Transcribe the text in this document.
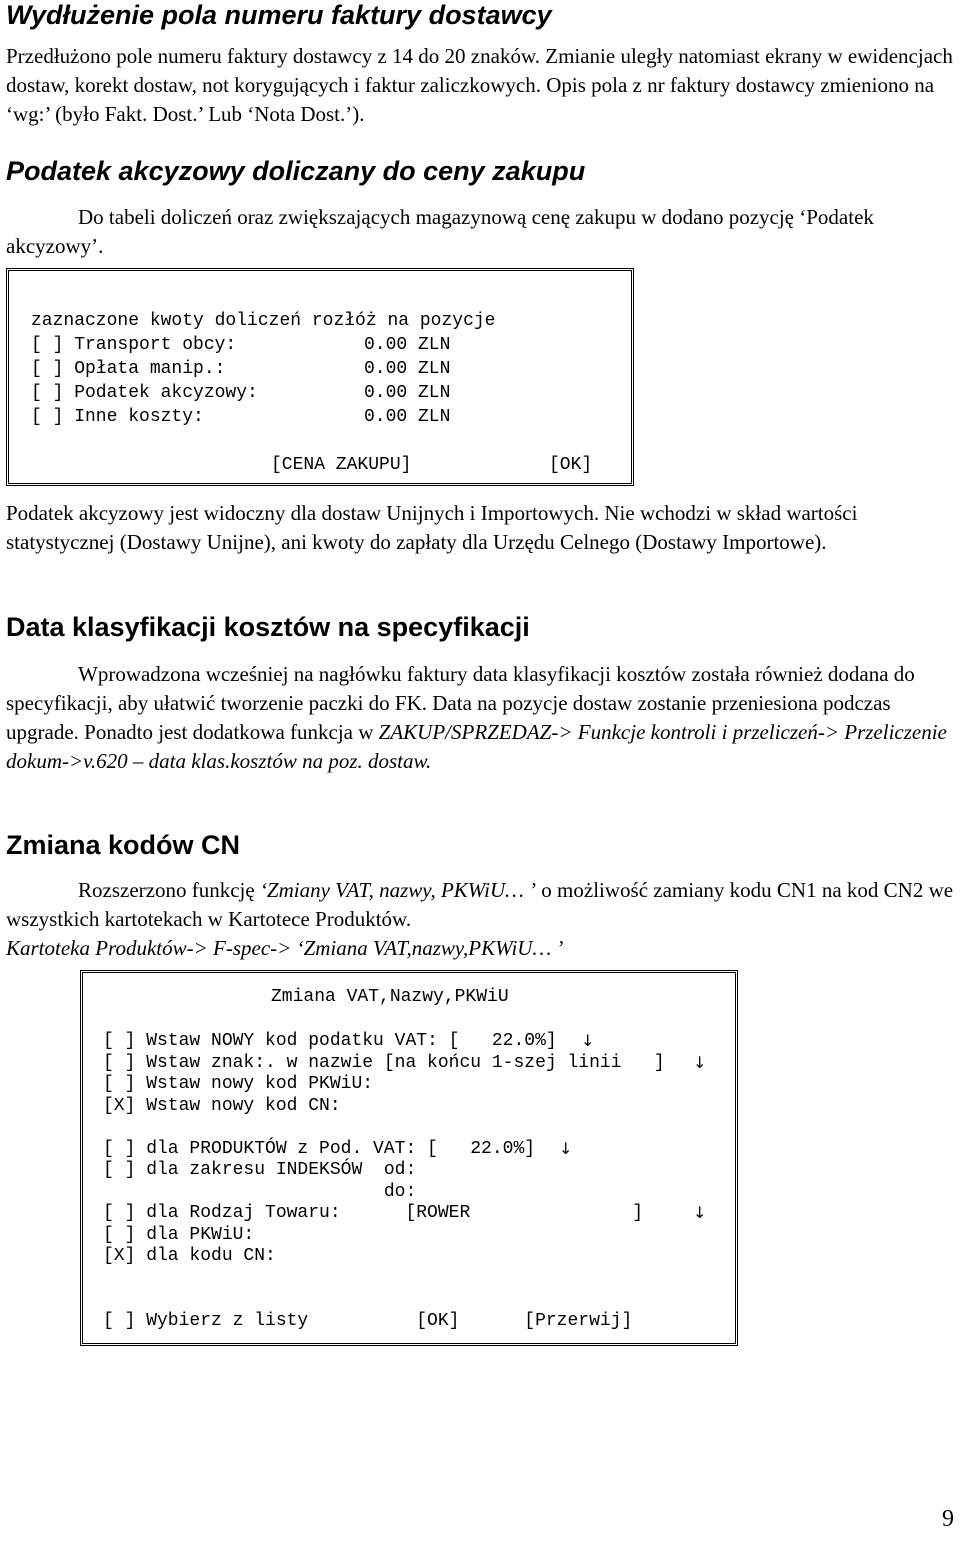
Wydłużenie pola numeru faktury dostawcy

Przedłużono pole numeru faktury dostawcy z 14 do 20 znaków. Zmianie uległy natomiast ekrany w ewidencjach dostaw, korekt dostaw, not korygujących i faktur zaliczkowych. Opis pola z nr faktury dostawcy zmieniono na ‘wg:’ (było Fakt. Dost.’ Lub ‘Nota Dost.’).

Podatek akcyzowy doliczany do ceny zakupu

Do tabeli doliczeń oraz zwiększających magazynową cenę zakupu w dodano pozycję ‘Podatek akcyzowy’.

zaznaczone kwoty doliczeń rozłóż na pozycje
[ ] Transport obcy:	0.00 ZLN
[ ] Opłata manip.:	0.00 ZLN
[ ] Podatek akcyzowy:	0.00 ZLN
[ ] Inne koszty:	0.00 ZLN
[CENA ZAKUPU]	[OK]

Podatek akcyzowy jest widoczny dla dostaw Unijnych i Importowych. Nie wchodzi w skład wartości statystycznej (Dostawy Unijne), ani kwoty do zapłaty dla Urzędu Celnego (Dostawy Importowe).

Data klasyfikacji kosztów na specyfikacji

Wprowadzona wcześniej na nagłówku faktury data klasyfikacji kosztów została również dodana do specyfikacji, aby ułatwić tworzenie paczki do FK. Data na pozycje dostaw zostanie przeniesiona podczas upgrade. Ponadto jest dodatkowa funkcja w ZAKUP/SPRZEDAZ-> Funkcje kontroli i przeliczeń-> Przeliczenie dokum->v.620 – data klas.kosztów na poz. dostaw.

Zmiana kodów CN

Rozszerzono funkcję ‘Zmiany VAT, nazwy, PKWiU… ’ o możliwość zamiany kodu CN1 na kod CN2 we wszystkich kartotekach w Kartotece Produktów.

Kartoteka Produktów-> F-spec-> ‘Zmiana VAT,nazwy,PKWiU… ’

Zmiana VAT,Nazwy,PKWiU
[ ] Wstaw NOWY kod podatku VAT: [   22.0%] ↓
[ ] Wstaw znak:. w nazwie [na końcu 1-szej linii   ] ↓
[ ] Wstaw nowy kod PKWiU:
[X] Wstaw nowy kod CN:
[ ] dla PRODUKTÓW z Pod. VAT: [   22.0%] ↓
[ ] dla zakresu INDEKSÓW  od:
do:
[ ] dla Rodzaj Towaru:      [ROWER               ]	↓
[ ] dla PKWiU:
[X] dla kodu CN:
[ ] Wybierz z listy          [OK]      [Przerwij]
9
